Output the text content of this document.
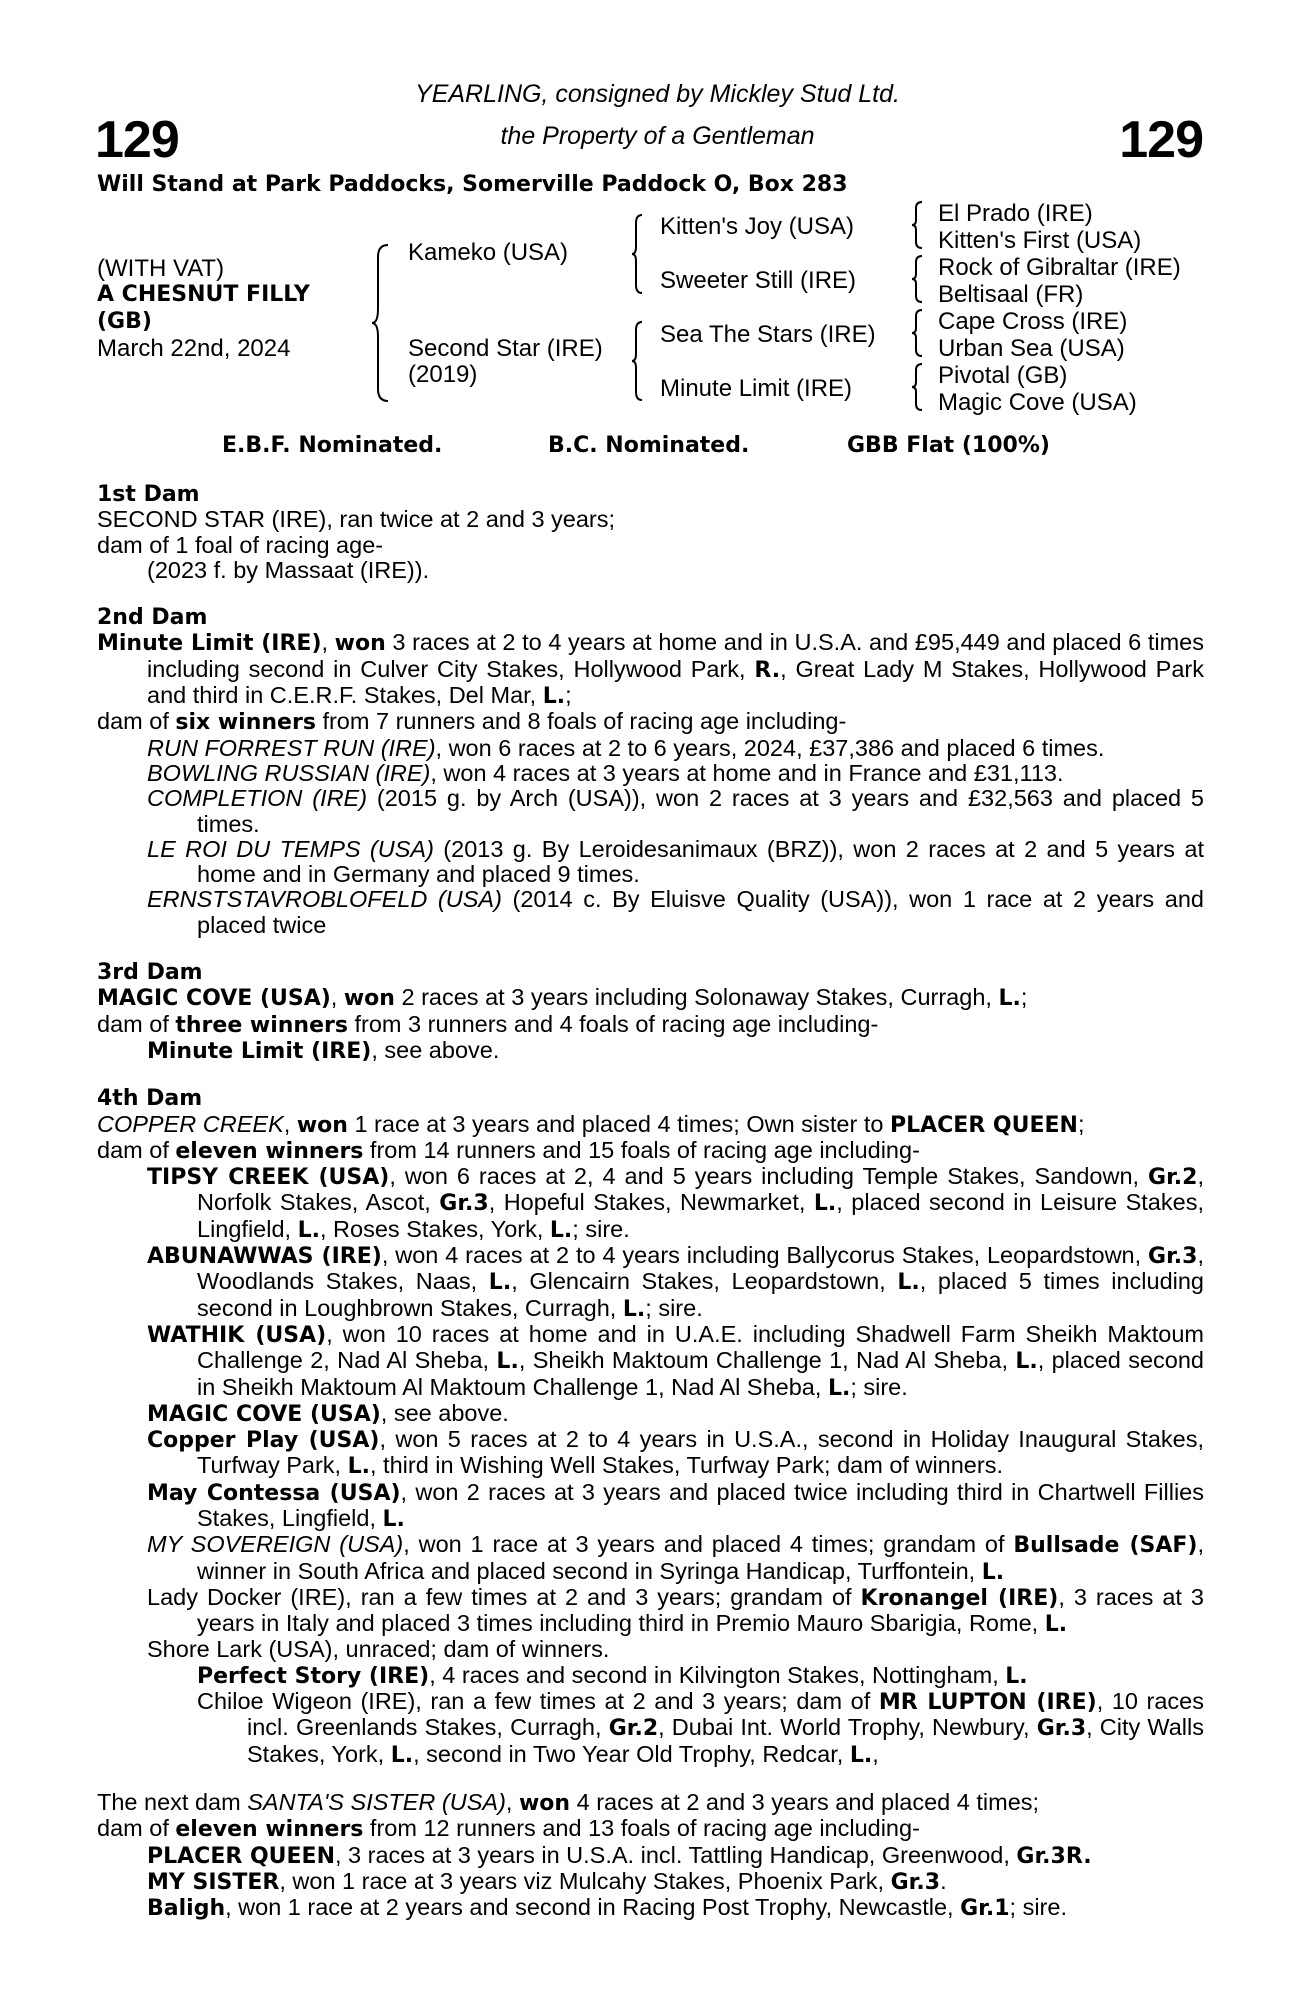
129	129
YEARLING, consigned by Mickley Stud Ltd.
the Property of a Gentleman
Will Stand at Park Paddocks, Somerville Paddock O, Box 283
(WITH VAT)
A CHESNUT FILLY
(GB)
March 22nd, 2024
Kameko (USA)
Second Star (IRE)
(2019)
Kitten's Joy (USA)
Sweeter Still (IRE)
Sea The Stars (IRE)
Minute Limit (IRE)
El Prado (IRE)
Kitten's First (USA)
Rock of Gibraltar (IRE)
Beltisaal (FR)
Cape Cross (IRE)
Urban Sea (USA)
Pivotal (GB)
Magic Cove (USA)
E.B.F. Nominated.	B.C. Nominated.	GBB Flat (100%)
1st Dam

SECOND STAR (IRE), ran twice at 2 and 3 years;

dam of 1 foal of racing age-

(2023 f. by Massaat (IRE)).

2nd Dam

Minute Limit (IRE), won 3 races at 2 to 4 years at home and in U.S.A. and £95,449 and placed 6 times including second in Culver City Stakes, Hollywood Park, R., Great Lady M Stakes, Hollywood Park and third in C.E.R.F. Stakes, Del Mar, L.;

dam of six winners from 7 runners and 8 foals of racing age including-

RUN FORREST RUN (IRE), won 6 races at 2 to 6 years, 2024, £37,386 and placed 6 times.

BOWLING RUSSIAN (IRE), won 4 races at 3 years at home and in France and £31,113.

COMPLETION (IRE) (2015 g. by Arch (USA)), won 2 races at 3 years and £32,563 and placed 5 times.

LE ROI DU TEMPS (USA) (2013 g. By Leroidesanimaux (BRZ)), won 2 races at 2 and 5 years at home and in Germany and placed 9 times.

ERNSTSTAVROBLOFELD (USA) (2014 c. By Eluisve Quality (USA)), won 1 race at 2 years and placed twice

3rd Dam

MAGIC COVE (USA), won 2 races at 3 years including Solonaway Stakes, Curragh, L.;

dam of three winners from 3 runners and 4 foals of racing age including-

Minute Limit (IRE), see above.

4th Dam

COPPER CREEK, won 1 race at 3 years and placed 4 times; Own sister to PLACER QUEEN;

dam of eleven winners from 14 runners and 15 foals of racing age including-

TIPSY CREEK (USA), won 6 races at 2, 4 and 5 years including Temple Stakes, Sandown, Gr.2, Norfolk Stakes, Ascot, Gr.3, Hopeful Stakes, Newmarket, L., placed second in Leisure Stakes, Lingfield, L., Roses Stakes, York, L.; sire.

ABUNAWWAS (IRE), won 4 races at 2 to 4 years including Ballycorus Stakes, Leopardstown, Gr.3, Woodlands Stakes, Naas, L., Glencairn Stakes, Leopardstown, L., placed 5 times including second in Loughbrown Stakes, Curragh, L.; sire.

WATHIK (USA), won 10 races at home and in U.A.E. including Shadwell Farm Sheikh Maktoum Challenge 2, Nad Al Sheba, L., Sheikh Maktoum Challenge 1, Nad Al Sheba, L., placed second in Sheikh Maktoum Al Maktoum Challenge 1, Nad Al Sheba, L.; sire.

MAGIC COVE (USA), see above.

Copper Play (USA), won 5 races at 2 to 4 years in U.S.A., second in Holiday Inaugural Stakes, Turfway Park, L., third in Wishing Well Stakes, Turfway Park; dam of winners.

May Contessa (USA), won 2 races at 3 years and placed twice including third in Chartwell Fillies Stakes, Lingfield, L.

MY SOVEREIGN (USA), won 1 race at 3 years and placed 4 times; grandam of Bullsade (SAF), winner in South Africa and placed second in Syringa Handicap, Turffontein, L.

Lady Docker (IRE), ran a few times at 2 and 3 years; grandam of Kronangel (IRE), 3 races at 3 years in Italy and placed 3 times including third in Premio Mauro Sbarigia, Rome, L.

Shore Lark (USA), unraced; dam of winners.

Perfect Story (IRE), 4 races and second in Kilvington Stakes, Nottingham, L.

Chiloe Wigeon (IRE), ran a few times at 2 and 3 years; dam of MR LUPTON (IRE), 10 races incl. Greenlands Stakes, Curragh, Gr.2, Dubai Int. World Trophy, Newbury, Gr.3, City Walls Stakes, York, L., second in Two Year Old Trophy, Redcar, L.,

The next dam SANTA'S SISTER (USA), won 4 races at 2 and 3 years and placed 4 times;

dam of eleven winners from 12 runners and 13 foals of racing age including-

PLACER QUEEN, 3 races at 3 years in U.S.A. incl. Tattling Handicap, Greenwood, Gr.3R.

MY SISTER, won 1 race at 3 years viz Mulcahy Stakes, Phoenix Park, Gr.3.

Baligh, won 1 race at 2 years and second in Racing Post Trophy, Newcastle, Gr.1; sire.
